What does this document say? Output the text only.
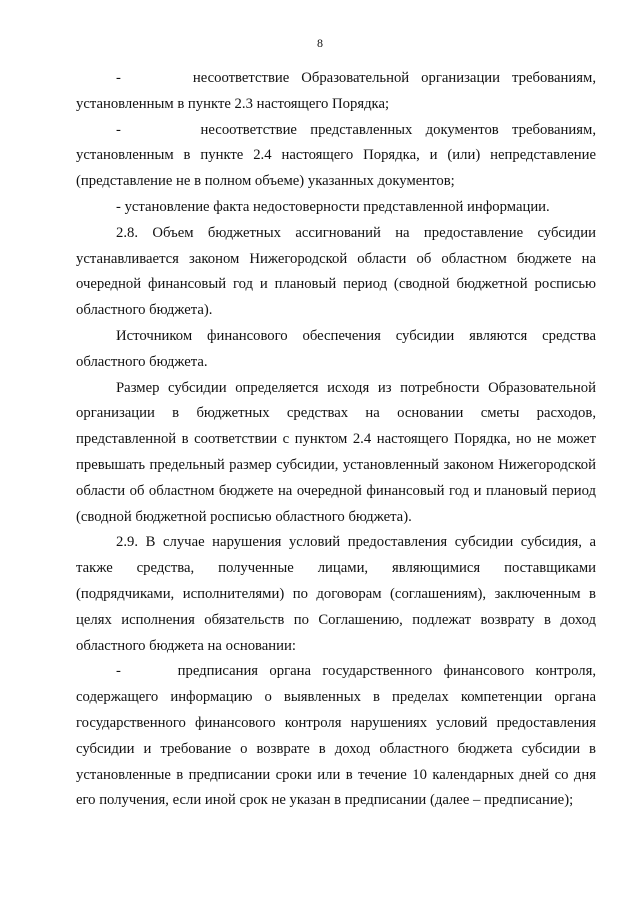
8

-      несоответствие Образовательной организации требованиям, установленным в пункте 2.3 настоящего Порядка;

-      несоответствие представленных документов требованиям, установленным в пункте 2.4 настоящего Порядка, и (или) непредставление (представление не в полном объеме) указанных документов;

- установление факта недостоверности представленной информации.

2.8. Объем бюджетных ассигнований на предоставление субсидии устанавливается законом Нижегородской области об областном бюджете на очередной финансовый год и плановый период (сводной бюджетной росписью областного бюджета).

Источником финансового обеспечения субсидии являются средства областного бюджета.

Размер субсидии определяется исходя из потребности Образовательной организации в бюджетных средствах на основании сметы расходов, представленной в соответствии с пунктом 2.4 настоящего Порядка, но не может превышать предельный размер субсидии, установленный законом Нижегородской области об областном бюджете на очередной финансовый год и плановый период (сводной бюджетной росписью областного бюджета).

2.9. В случае нарушения условий предоставления субсидии субсидия, а также средства, полученные лицами, являющимися поставщиками (подрядчиками, исполнителями) по договорам (соглашениям), заключенным в целях исполнения обязательств по Соглашению, подлежат возврату в доход областного бюджета на основании:

-     предписания органа государственного финансового контроля, содержащего информацию о выявленных в пределах компетенции органа государственного финансового контроля нарушениях условий предоставления субсидии и требование о возврате в доход областного бюджета субсидии в установленные в предписании сроки или в течение 10 календарных дней со дня его получения, если иной срок не указан в предписании (далее – предписание);
